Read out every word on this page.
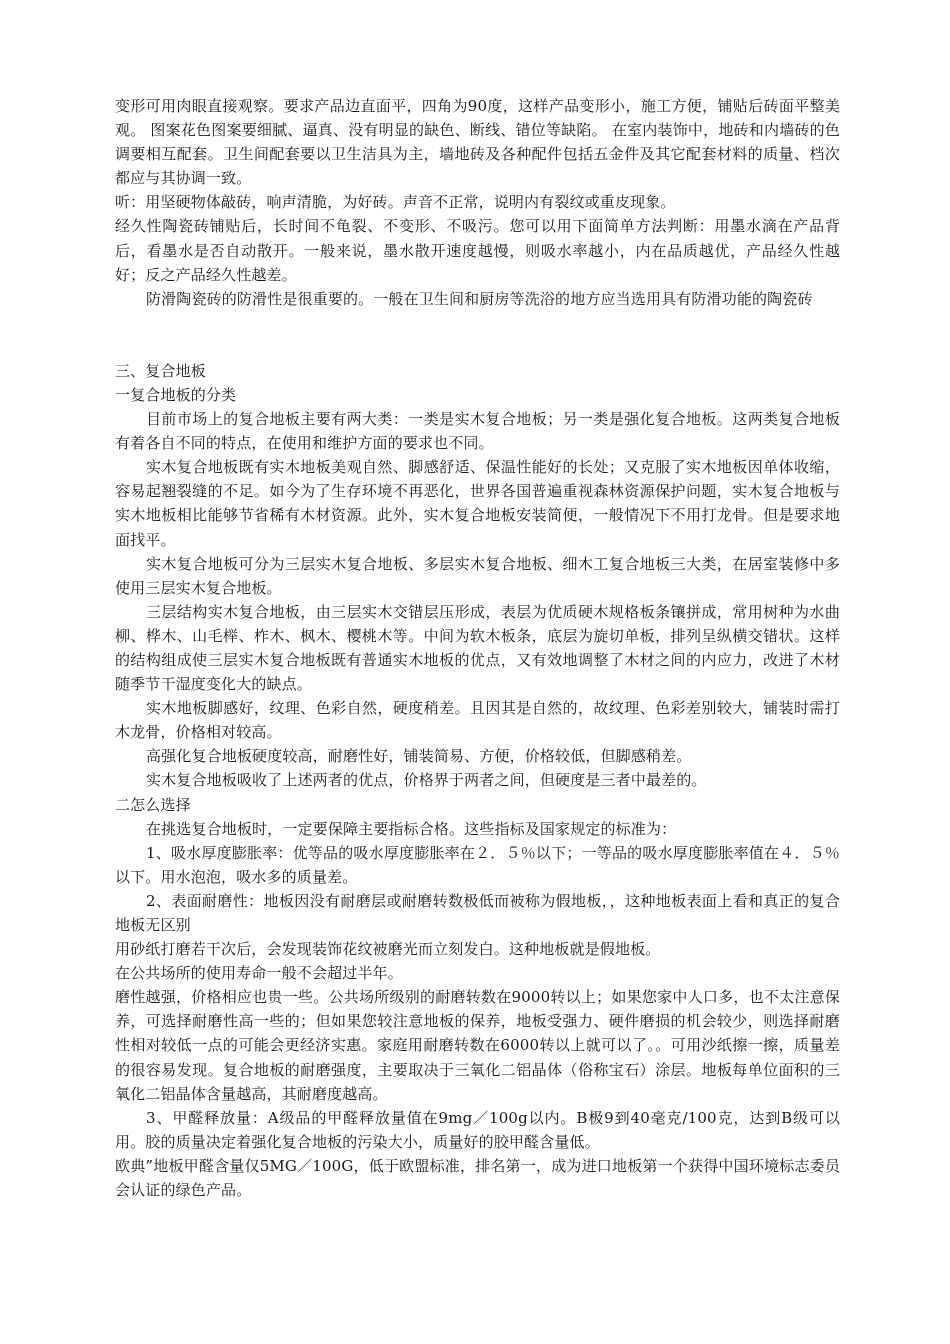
变形可用肉眼直接观察。要求产品边直面平，四角为90度，这样产品变形小，施工方便，铺贴后砖面平整美观。 图案花色图案要细腻、逼真、没有明显的缺色、断线、错位等缺陷。 在室内装饰中，地砖和内墙砖的色调要相互配套。卫生间配套要以卫生洁具为主，墙地砖及各种配件包括五金件及其它配套材料的质量、档次都应与其协调一致。

听：用坚硬物体敲砖，响声清脆，为好砖。声音不正常，说明内有裂纹或重皮现象。

经久性陶瓷砖铺贴后，长时间不龟裂、不变形、不吸污。您可以用下面简单方法判断：用墨水滴在产品背后，看墨水是否自动散开。一般来说，墨水散开速度越慢，则吸水率越小，内在品质越优，产品经久性越好；反之产品经久性越差。

防滑陶瓷砖的防滑性是很重要的。一般在卫生间和厨房等洗浴的地方应当选用具有防滑功能的陶瓷砖

三、复合地板

一复合地板的分类

目前市场上的复合地板主要有两大类：一类是实木复合地板；另一类是强化复合地板。这两类复合地板有着各自不同的特点，在使用和维护方面的要求也不同。

实木复合地板既有实木地板美观自然、脚感舒适、保温性能好的长处；又克服了实木地板因单体收缩，容易起翘裂缝的不足。如今为了生存环境不再恶化，世界各国普遍重视森林资源保护问题，实木复合地板与实木地板相比能够节省稀有木材资源。此外，实木复合地板安装简便，一般情况下不用打龙骨。但是要求地面找平。

实木复合地板可分为三层实木复合地板、多层实木复合地板、细木工复合地板三大类，在居室装修中多使用三层实木复合地板。

三层结构实木复合地板，由三层实木交错层压形成，表层为优质硬木规格板条镶拼成，常用树种为水曲柳、桦木、山毛榉、柞木、枫木、樱桃木等。中间为软木板条，底层为旋切单板，排列呈纵横交错状。这样的结构组成使三层实木复合地板既有普通实木地板的优点，又有效地调整了木材之间的内应力，改进了木材随季节干湿度变化大的缺点。

实木地板脚感好，纹理、色彩自然，硬度稍差。且因其是自然的，故纹理、色彩差别较大，铺装时需打木龙骨，价格相对较高。

高强化复合地板硬度较高，耐磨性好，铺装简易、方便，价格较低，但脚感稍差。

实木复合地板吸收了上述两者的优点，价格界于两者之间，但硬度是三者中最差的。

二怎么选择

在挑选复合地板时，一定要保障主要指标合格。这些指标及国家规定的标准为：

1、吸水厚度膨胀率：优等品的吸水厚度膨胀率在２．５％以下；一等品的吸水厚度膨胀率值在４．５％以下。用水泡泡，吸水多的质量差。

2、表面耐磨性：地板因没有耐磨层或耐磨转数极低而被称为假地板，，这种地板表面上看和真正的复合地板无区别

用砂纸打磨若干次后，会发现装饰花纹被磨光而立刻发白。这种地板就是假地板。

在公共场所的使用寿命一般不会超过半年。

磨性越强，价格相应也贵一些。公共场所级别的耐磨转数在9000转以上；如果您家中人口多，也不太注意保养，可选择耐磨性高一些的；但如果您较注意地板的保养，地板受强力、硬件磨损的机会较少，则选择耐磨性相对较低一点的可能会更经济实惠。家庭用耐磨转数在6000转以上就可以了。。可用沙纸擦一擦，质量差的很容易发现。复合地板的耐磨强度，主要取决于三氧化二铝晶体（俗称宝石）涂层。地板每单位面积的三氧化二铝晶体含量越高，其耐磨度越高。

3、甲醛释放量：A级品的甲醛释放量值在9mg／100g以内。B极9到40毫克/100克，达到B级可以用。胶的质量决定着强化复合地板的污染大小，质量好的胶甲醛含量低。

欧典”地板甲醛含量仅5MG／100G，低于欧盟标准，排名第一，成为进口地板第一个获得中国环境标志委员会认证的绿色产品。
